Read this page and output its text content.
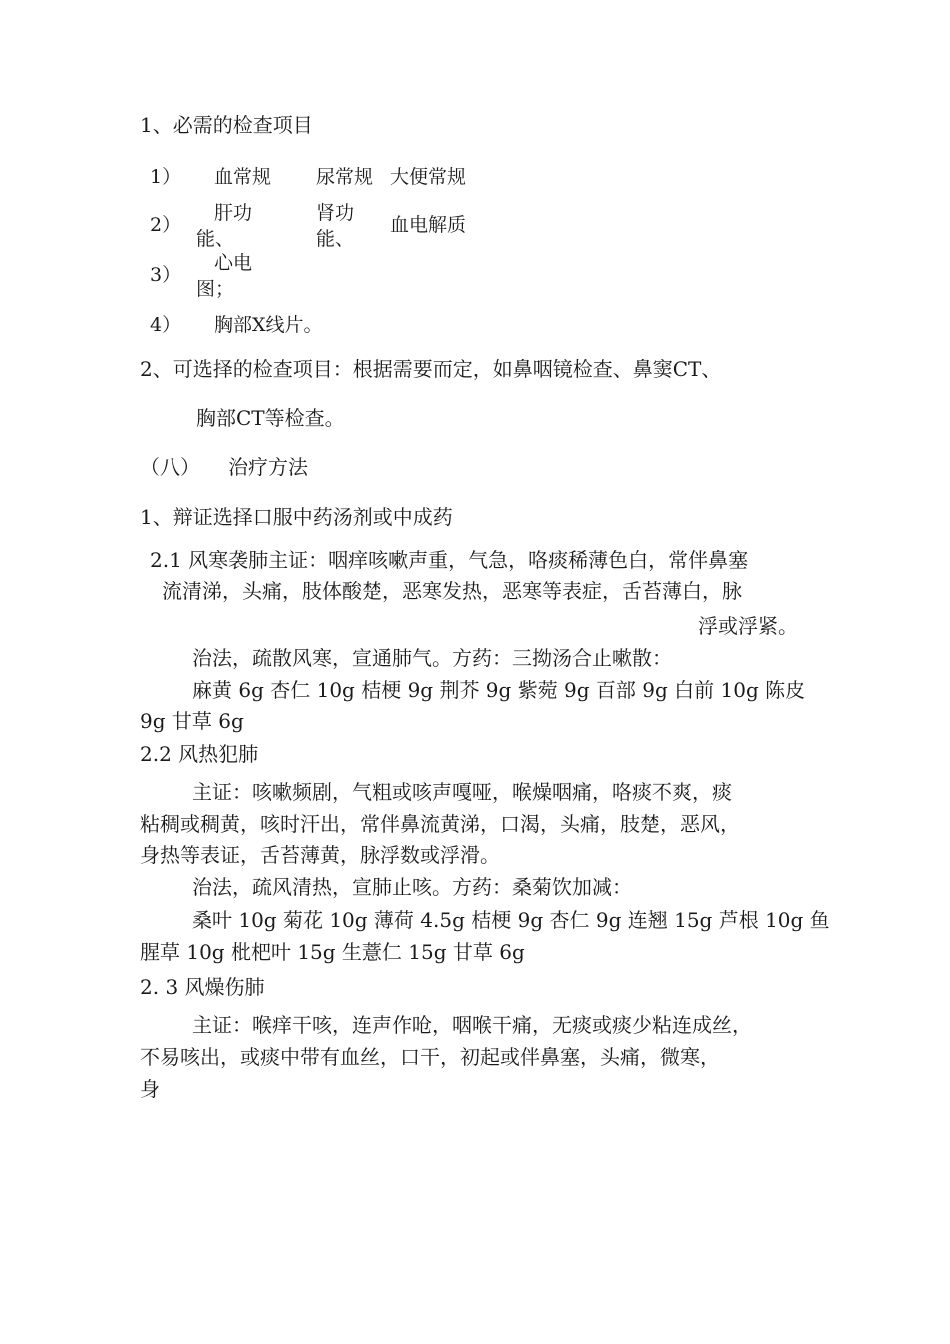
1、必需的检查项目
1） 血常规 尿常规 大便常规
2）
肝功能、
肾功能、
血电解质
3）
心电图；
4） 胸部X线片。
2、可选择的检查项目：根据需要而定，如鼻咽镜检查、鼻窦CT、
胸部CT等检查。
（八） 治疗方法
1、辩证选择口服中药汤剂或中成药
2.1 风寒袭肺主证：咽痒咳嗽声重，气急，咯痰稀薄色白，常伴鼻塞
流清涕，头痛，肢体酸楚，恶寒发热，恶寒等表症，舌苔薄白，脉
浮或浮紧。
治法，疏散风寒，宣通肺气。方药：三拗汤合止嗽散：
麻黄 6g 杏仁 10g 桔梗 9g 荆芥 9g 紫菀 9g 百部 9g 白前 10g 陈皮
9g 甘草 6g
2.2 风热犯肺
主证：咳嗽频剧，气粗或咳声嘎哑，喉燥咽痛，咯痰不爽，痰
粘稠或稠黄，咳时汗出，常伴鼻流黄涕，口渴，头痛，肢楚，恶风，
身热等表证，舌苔薄黄，脉浮数或浮滑。
治法，疏风清热，宣肺止咳。方药：桑菊饮加减：
桑叶 10g 菊花 10g 薄荷 4.5g 桔梗 9g 杏仁 9g 连翘 15g 芦根 10g 鱼
腥草 10g 枇杷叶 15g 生薏仁 15g 甘草 6g
2. 3 风燥伤肺
主证：喉痒干咳，连声作呛，咽喉干痛，无痰或痰少粘连成丝，
不易咳出，或痰中带有血丝，口干，初起或伴鼻塞，头痛，微寒，
身
